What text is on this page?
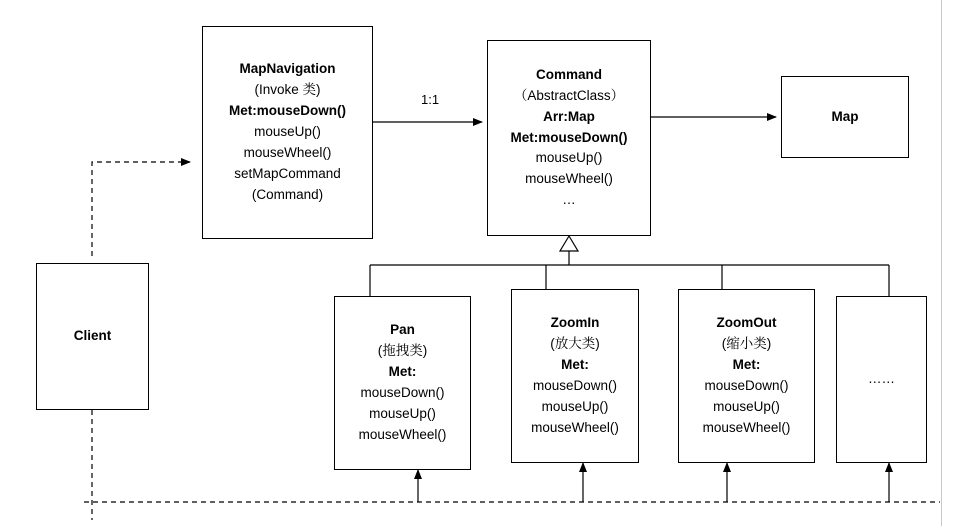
1:1
Client
MapNavigation
(Invoke 类)
Met:mouseDown()
mouseUp()
mouseWheel()
setMapCommand
(Command)
Command
（AbstractClass）
Arr:Map
Met:mouseDown()
mouseUp()
mouseWheel()
…
Map
Pan
(拖拽类)
Met:
mouseDown()
mouseUp()
mouseWheel()
ZoomIn
(放大类)
Met:
mouseDown()
mouseUp()
mouseWheel()
ZoomOut
(缩小类)
Met:
mouseDown()
mouseUp()
mouseWheel()
……
